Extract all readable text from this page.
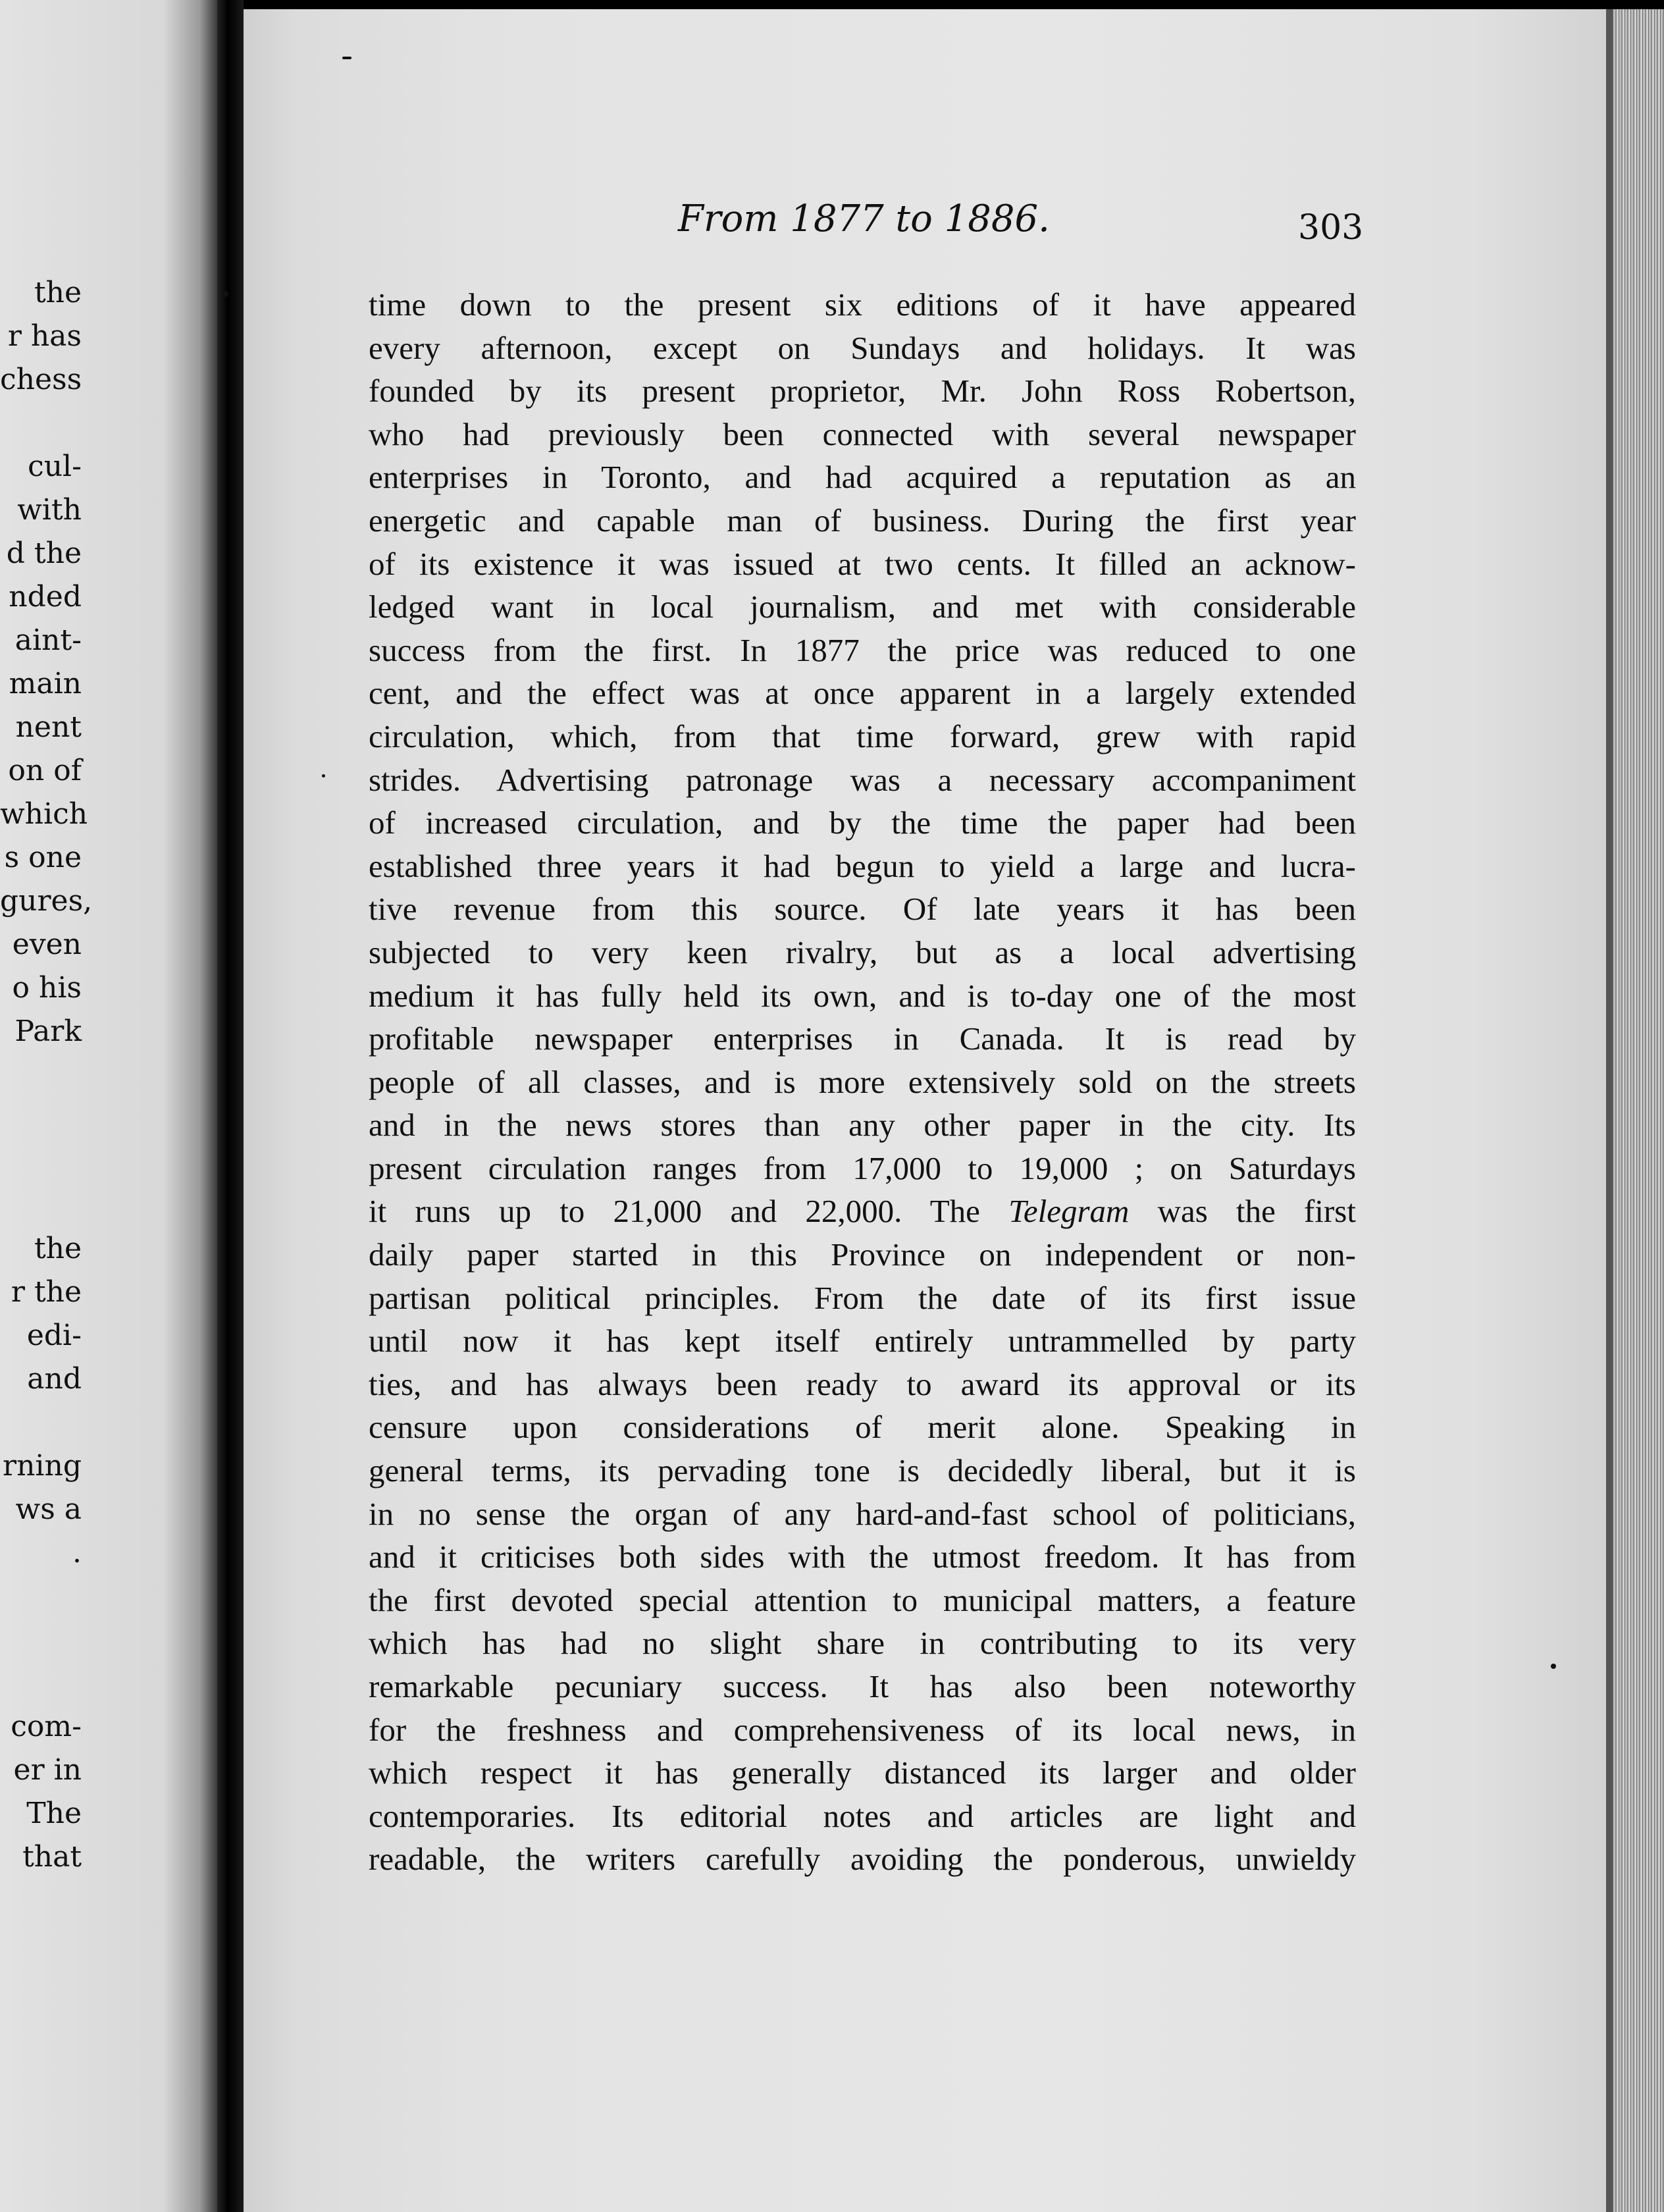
the
r has
chess
cul-
with
d the
nded
aint-
main
nent
on of
which
s one
gures,
even
o his
Park
the
r the
edi-
and
rning
ws a
.
com-
er in
The
that
From 1877 to 1886.	303
time down to the present six editions of it have appeared
every afternoon, except on Sundays and holidays. It was
founded by its present proprietor, Mr. John Ross Robertson,
who had previously been connected with several newspaper
enterprises in Toronto, and had acquired a reputation as an
energetic and capable man of business. During the first year
of its existence it was issued at two cents. It filled an acknow-
ledged want in local journalism, and met with considerable
success from the first. In 1877 the price was reduced to one
cent, and the effect was at once apparent in a largely extended
circulation, which, from that time forward, grew with rapid
strides. Advertising patronage was a necessary accompaniment
of increased circulation, and by the time the paper had been
established three years it had begun to yield a large and lucra-
tive revenue from this source. Of late years it has been
subjected to very keen rivalry, but as a local advertising
medium it has fully held its own, and is to-day one of the most
profitable newspaper enterprises in Canada. It is read by
people of all classes, and is more extensively sold on the streets
and in the news stores than any other paper in the city. Its
present circulation ranges from 17,000 to 19,000 ; on Saturdays
it runs up to 21,000 and 22,000. The Telegram was the first
daily paper started in this Province on independent or non-
partisan political principles. From the date of its first issue
until now it has kept itself entirely untrammelled by party
ties, and has always been ready to award its approval or its
censure upon considerations of merit alone. Speaking in
general terms, its pervading tone is decidedly liberal, but it is
in no sense the organ of any hard-and-fast school of politicians,
and it criticises both sides with the utmost freedom. It has from
the first devoted special attention to municipal matters, a feature
which has had no slight share in contributing to its very
remarkable pecuniary success. It has also been noteworthy
for the freshness and comprehensiveness of its local news, in
which respect it has generally distanced its larger and older
contemporaries. Its editorial notes and articles are light and
readable, the writers carefully avoiding the ponderous, unwieldy
